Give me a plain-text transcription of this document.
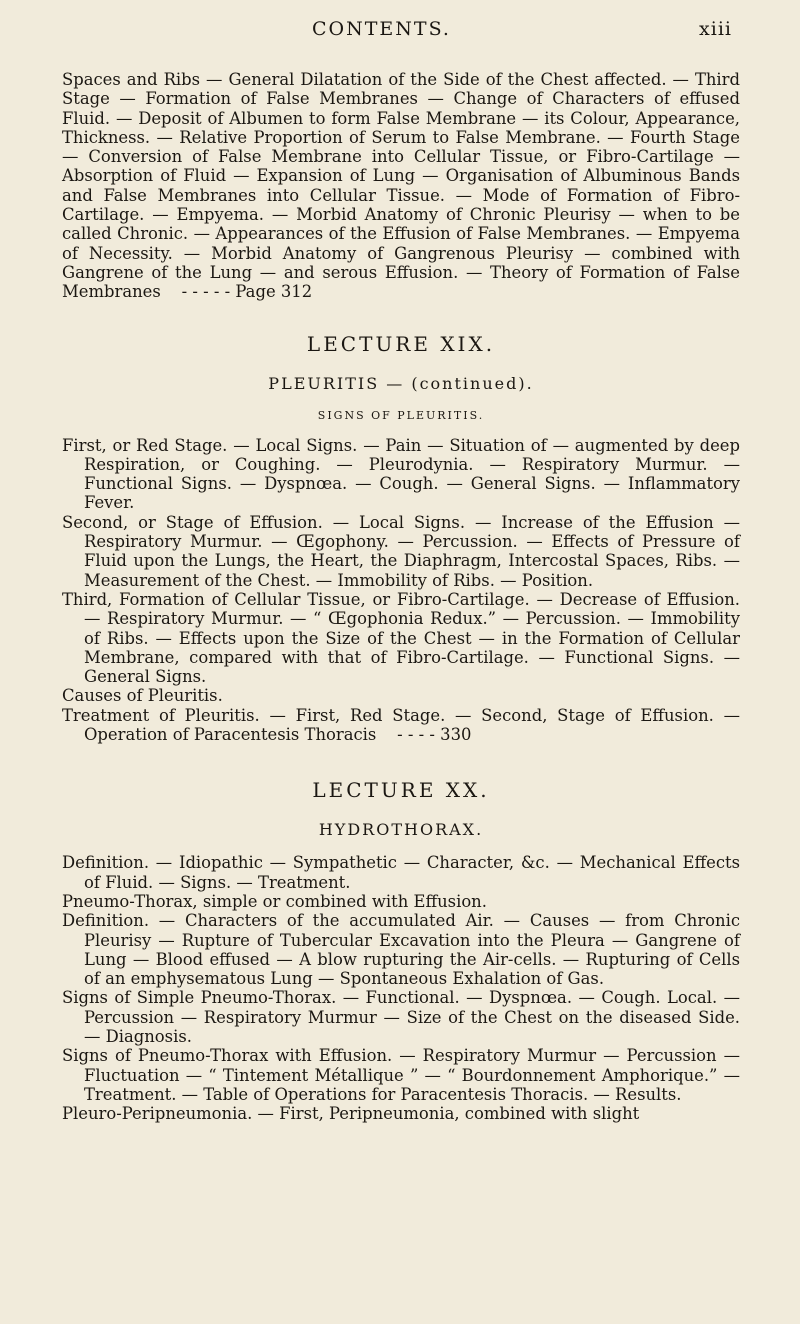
CONTENTS.	xiii

Spaces and Ribs — General Dilatation of the Side of the Chest affected. — Third Stage — Formation of False Membranes — Change of Characters of effused Fluid. — Deposit of Albumen to form False Membrane — its Colour, Appearance, Thickness. — Relative Proportion of Serum to False Membrane. — Fourth Stage — Conversion of False Membrane into Cellular Tissue, or Fibro-Cartilage — Absorption of Fluid — Expansion of Lung — Organisation of Albuminous Bands and False Membranes into Cellular Tissue. — Mode of Formation of Fibro-Cartilage. — Empyema. — Morbid Anatomy of Chronic Pleurisy — when to be called Chronic. — Appearances of the Effusion of False Membranes. — Empyema of Necessity. — Morbid Anatomy of Gangrenous Pleurisy — combined with Gangrene of the Lung — and serous Effusion. — Theory of Formation of False Membranes - - - - - Page 312

LECTURE XIX.
PLEURITIS — (continued).
SIGNS OF PLEURITIS.

First, or Red Stage. — Local Signs. — Pain — Situation of — augmented by deep Respiration, or Coughing. — Pleurodynia. — Respiratory Murmur. — Functional Signs. — Dyspnœa. — Cough. — General Signs. — Inflammatory Fever.

Second, or Stage of Effusion. — Local Signs. — Increase of the Effusion — Respiratory Murmur. — Œgophony. — Percussion. — Effects of Pressure of Fluid upon the Lungs, the Heart, the Diaphragm, Intercostal Spaces, Ribs. — Measurement of the Chest. — Immobility of Ribs. — Position.

Third, Formation of Cellular Tissue, or Fibro-Cartilage. — Decrease of Effusion. — Respiratory Murmur. — “ Œgophonia Redux.” — Percussion. — Immobility of Ribs. — Effects upon the Size of the Chest — in the Formation of Cellular Membrane, compared with that of Fibro-Cartilage. — Functional Signs. — General Signs.

Causes of Pleuritis.

Treatment of Pleuritis. — First, Red Stage. — Second, Stage of Effusion. — Operation of Paracentesis Thoracis - - - - 330

LECTURE XX.
HYDROTHORAX.

Definition. — Idiopathic — Sympathetic — Character, &c. — Mechanical Effects of Fluid. — Signs. — Treatment.

Pneumo-Thorax, simple or combined with Effusion.

Definition. — Characters of the accumulated Air. — Causes — from Chronic Pleurisy — Rupture of Tubercular Excavation into the Pleura — Gangrene of Lung — Blood effused — A blow rupturing the Air-cells. — Rupturing of Cells of an emphysematous Lung — Spontaneous Exhalation of Gas.

Signs of Simple Pneumo-Thorax. — Functional. — Dyspnœa. — Cough. Local. — Percussion — Respiratory Murmur — Size of the Chest on the diseased Side. — Diagnosis.

Signs of Pneumo-Thorax with Effusion. — Respiratory Murmur — Percussion — Fluctuation — “ Tintement Métallique ” — “ Bourdonnement Amphorique.” — Treatment. — Table of Operations for Paracentesis Thoracis. — Results.

Pleuro-Peripneumonia. — First, Peripneumonia, combined with slight
